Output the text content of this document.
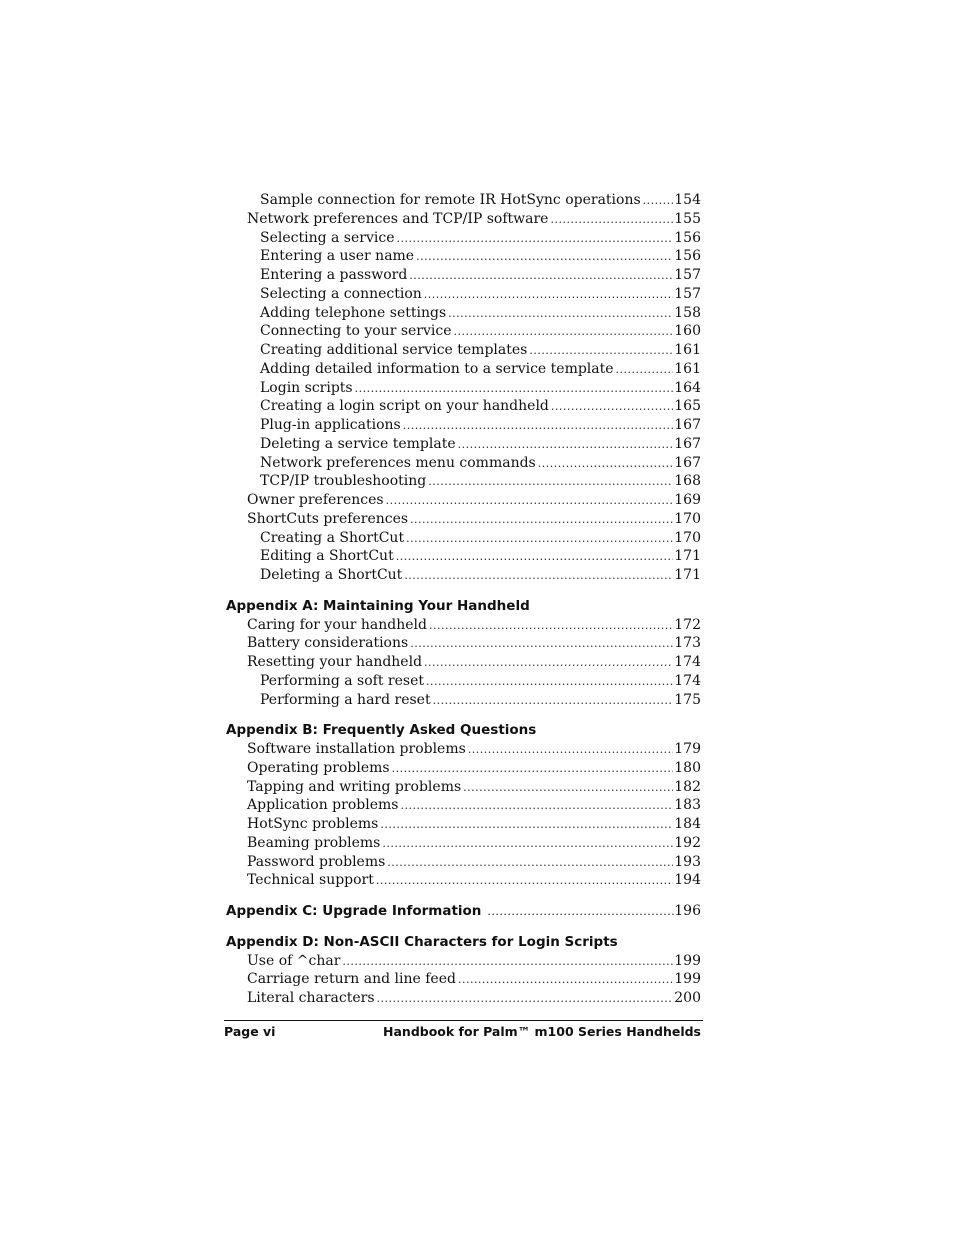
Sample connection for remote IR HotSync operations ..... 154
Network preferences and TCP/IP software .....	155
Selecting a service .....	156
Entering a user name .....	156
Entering a password .....	157
Selecting a connection .....	157
Adding telephone settings .....	158
Connecting to your service .....	160
Creating additional service templates .....	161
Adding detailed information to a service template .....	161
Login scripts .....	164
Creating a login script on your handheld .....	165
Plug-in applications .....	167
Deleting a service template .....	167
Network preferences menu commands .....	167
TCP/IP troubleshooting .....	168
Owner preferences .....	169
ShortCuts preferences .....	170
Creating a ShortCut .....	170
Editing a ShortCut .....	171
Deleting a ShortCut .....	171
Appendix A: Maintaining Your Handheld
Caring for your handheld .....	172
Battery considerations .....	173
Resetting your handheld .....	174
Performing a soft reset .....	174
Performing a hard reset .....	175
Appendix B: Frequently Asked Questions
Software installation problems .....	179
Operating problems .....	180
Tapping and writing problems .....	182
Application problems .....	183
HotSync problems .....	184
Beaming problems .....	192
Password problems .....	193
Technical support .....	194
Appendix C: Upgrade Information .....	196
Appendix D: Non-ASCII Characters for Login Scripts
Use of ^char .....	199
Carriage return and line feed .....	199
Literal characters .....	200
Page vi	Handbook for Palm™ m100 Series Handhelds
